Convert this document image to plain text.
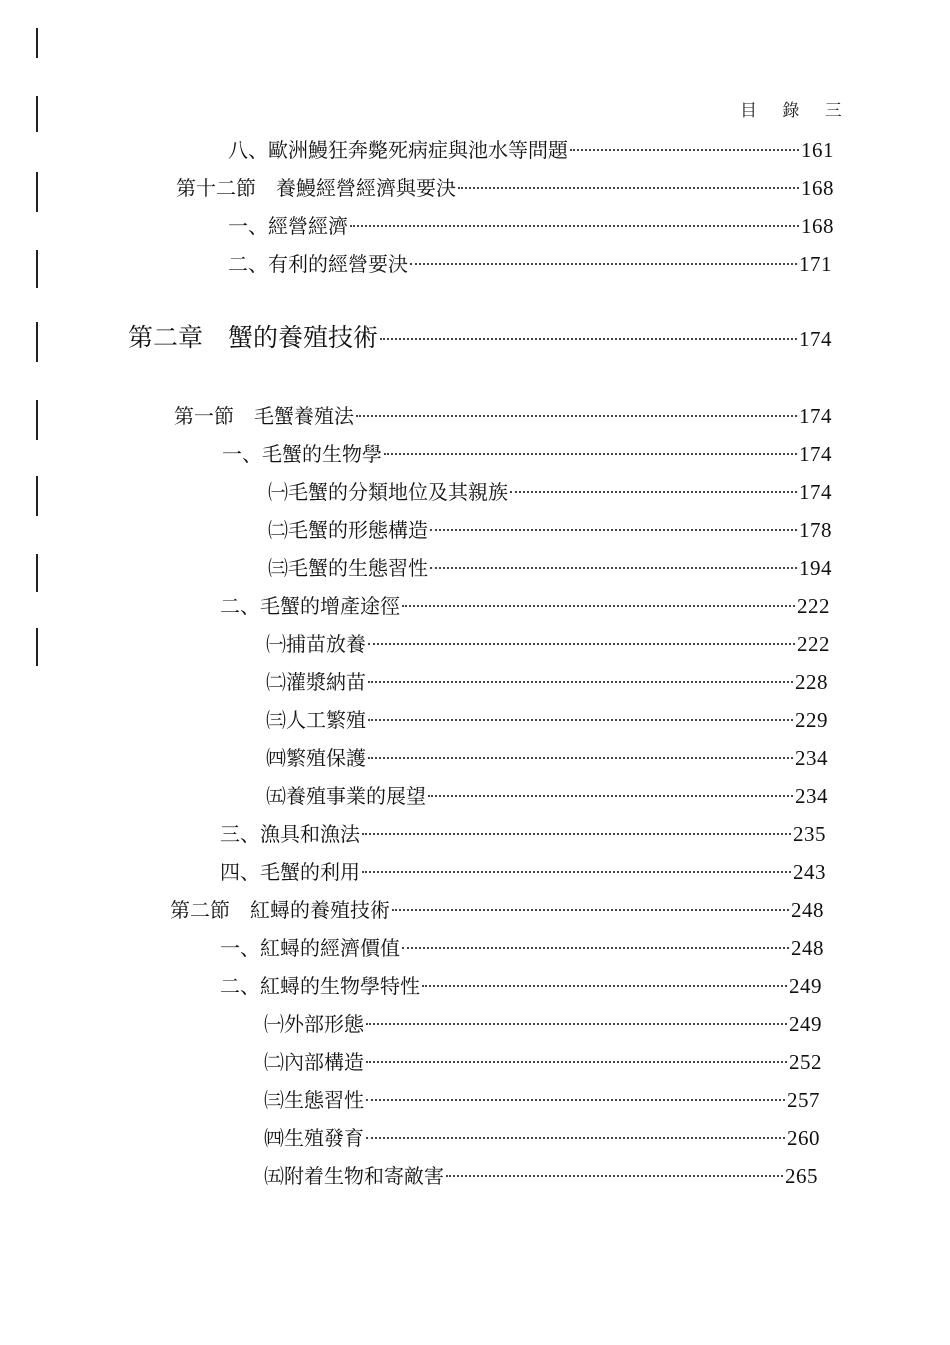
目 錄 三
八、歐洲鰻狂奔斃死病症與池水等問題	161
第十二節　養鰻經營經濟與要決	168
一、經營經濟	168
二、有利的經營要決	171
第二章　蟹的養殖技術	174
第一節　毛蟹養殖法	174
一、毛蟹的生物學	174
㈠毛蟹的分類地位及其親族	174
㈡毛蟹的形態構造	178
㈢毛蟹的生態習性	194
二、毛蟹的增產途徑	222
㈠捕苗放養	222
㈡灌漿納苗	228
㈢人工繁殖	229
㈣繁殖保護	234
㈤養殖事業的展望	234
三、漁具和漁法	235
四、毛蟹的利用	243
第二節　紅蟳的養殖技術	248
一、紅蟳的經濟價值	248
二、紅蟳的生物學特性	249
㈠外部形態	249
㈡內部構造	252
㈢生態習性	257
㈣生殖發育	260
㈤附着生物和寄敵害	265
